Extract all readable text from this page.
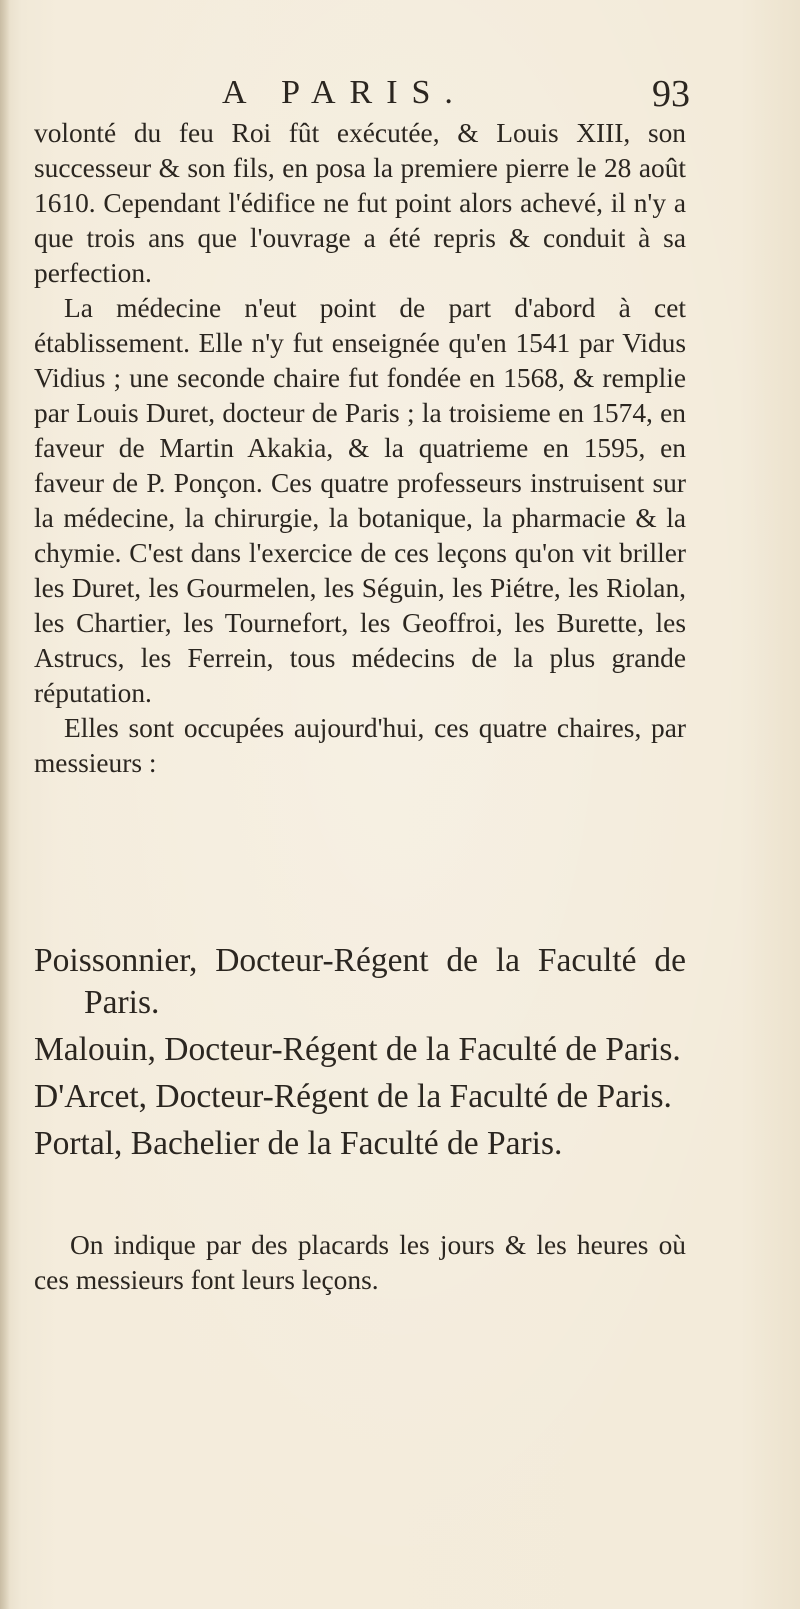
A PARIS.	93

volonté du feu Roi fût exécutée, & Louis XIII, son successeur & son fils, en posa la premiere pierre le 28 août 1610. Cependant l'édifice ne fut point alors achevé, il n'y a que trois ans que l'ouvrage a été repris & conduit à sa perfection.

La médecine n'eut point de part d'abord à cet établissement. Elle n'y fut enseignée qu'en 1541 par Vidus Vidius ; une seconde chaire fut fondée en 1568, & remplie par Louis Duret, docteur de Paris ; la troisieme en 1574, en faveur de Martin Akakia, & la quatrieme en 1595, en faveur de P. Ponçon. Ces quatre professeurs instruisent sur la médecine, la chirurgie, la botanique, la pharmacie & la chymie. C'est dans l'exercice de ces leçons qu'on vit briller les Duret, les Gourmelen, les Séguin, les Piétre, les Riolan, les Chartier, les Tournefort, les Geoffroi, les Burette, les Astrucs, les Ferrein, tous médecins de la plus grande réputation.

Elles sont occupées aujourd'hui, ces quatre chaires, par messieurs :

Poissonnier, Docteur-Régent de la Faculté de Paris.

Malouin, Docteur-Régent de la Faculté de Paris.

D'Arcet, Docteur-Régent de la Faculté de Paris.

Portal, Bachelier de la Faculté de Paris.

On indique par des placards les jours & les heures où ces messieurs font leurs leçons.
